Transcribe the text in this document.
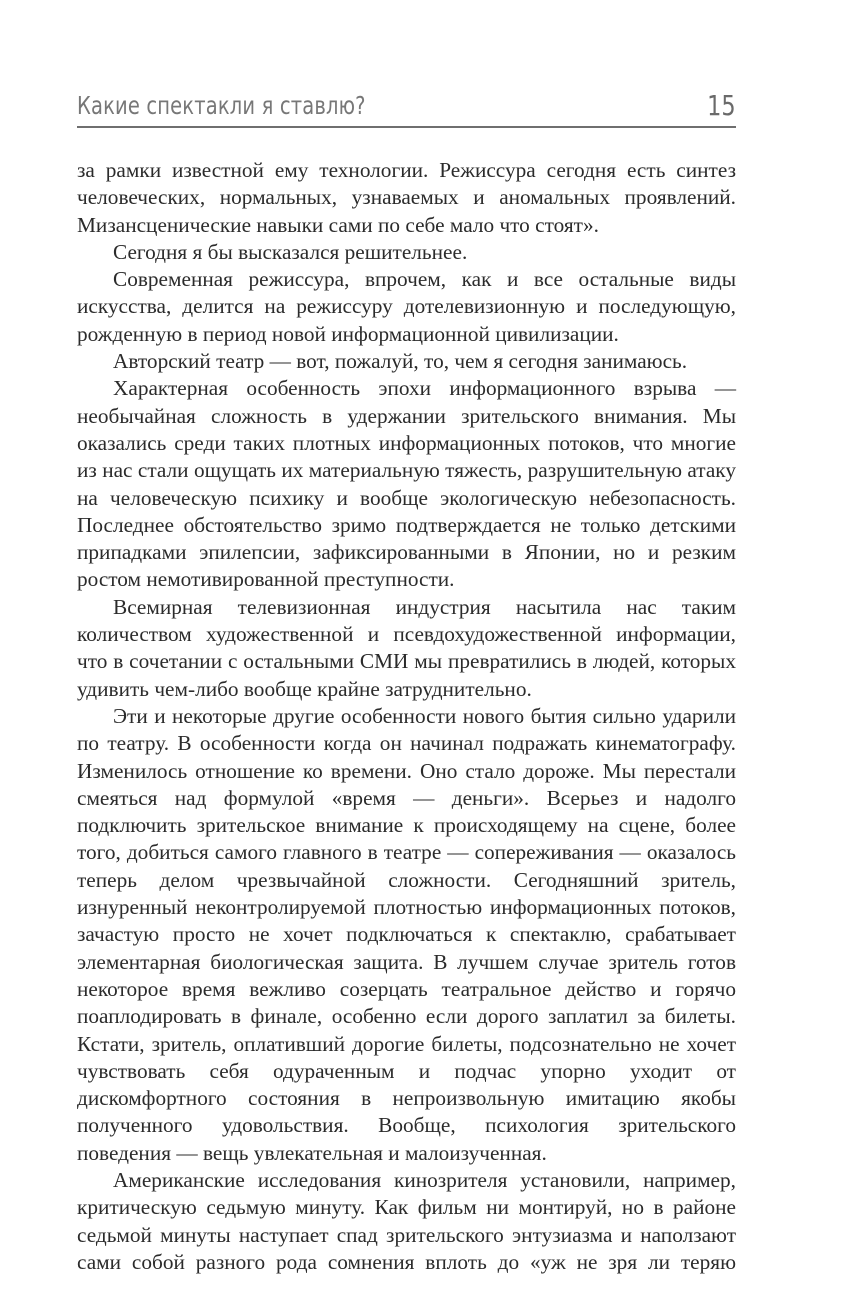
Какие спектакли я ставлю?	15

за рамки известной ему технологии. Режиссура сегодня есть синтез человеческих, нормальных, узнаваемых и аномальных проявлений. Мизансценические навыки сами по себе мало что стоят».

Сегодня я бы высказался решительнее.

Современная режиссура, впрочем, как и все остальные виды искусства, делится на режиссуру дотелевизионную и последующую, рожденную в период новой информационной цивилизации.

Авторский театр — вот, пожалуй, то, чем я сегодня занимаюсь.

Характерная особенность эпохи информационного взрыва — необычайная сложность в удержании зрительского внимания. Мы оказались среди таких плотных информационных потоков, что многие из нас стали ощущать их материальную тяжесть, разрушительную атаку на человеческую психику и вообще экологическую небезопасность. Последнее обстоятельство зримо подтверждается не только детскими припадками эпилепсии, зафиксированными в Японии, но и резким ростом немотивированной преступности.

Всемирная телевизионная индустрия насытила нас таким количеством художественной и псевдохудожественной информации, что в сочетании с остальными СМИ мы превратились в людей, которых удивить чем-либо вообще крайне затруднительно.

Эти и некоторые другие особенности нового бытия сильно ударили по театру. В особенности когда он начинал подражать кинематографу. Изменилось отношение ко времени. Оно стало дороже. Мы перестали смеяться над формулой «время — деньги». Всерьез и надолго подключить зрительское внимание к происходящему на сцене, более того, добиться самого главного в театре — сопереживания — оказалось теперь делом чрезвычайной сложности. Сегодняшний зритель, изнуренный неконтролируемой плотностью информационных потоков, зачастую просто не хочет подключаться к спектаклю, срабатывает элементарная биологическая защита. В лучшем случае зритель готов некоторое время вежливо созерцать театральное действо и горячо поаплодировать в финале, особенно если дорого заплатил за билеты. Кстати, зритель, оплативший дорогие билеты, подсознательно не хочет чувствовать себя одураченным и подчас упорно уходит от дискомфортного состояния в непроизвольную имитацию якобы полученного удовольствия. Вообще, психология зрительского поведения — вещь увлекательная и малоизученная.

Американские исследования кинозрителя установили, например, критическую седьмую минуту. Как фильм ни монтируй, но в районе седьмой минуты наступает спад зрительского энтузиазма и наползают сами собой разного рода сомнения вплоть до «уж не зря ли теряю
